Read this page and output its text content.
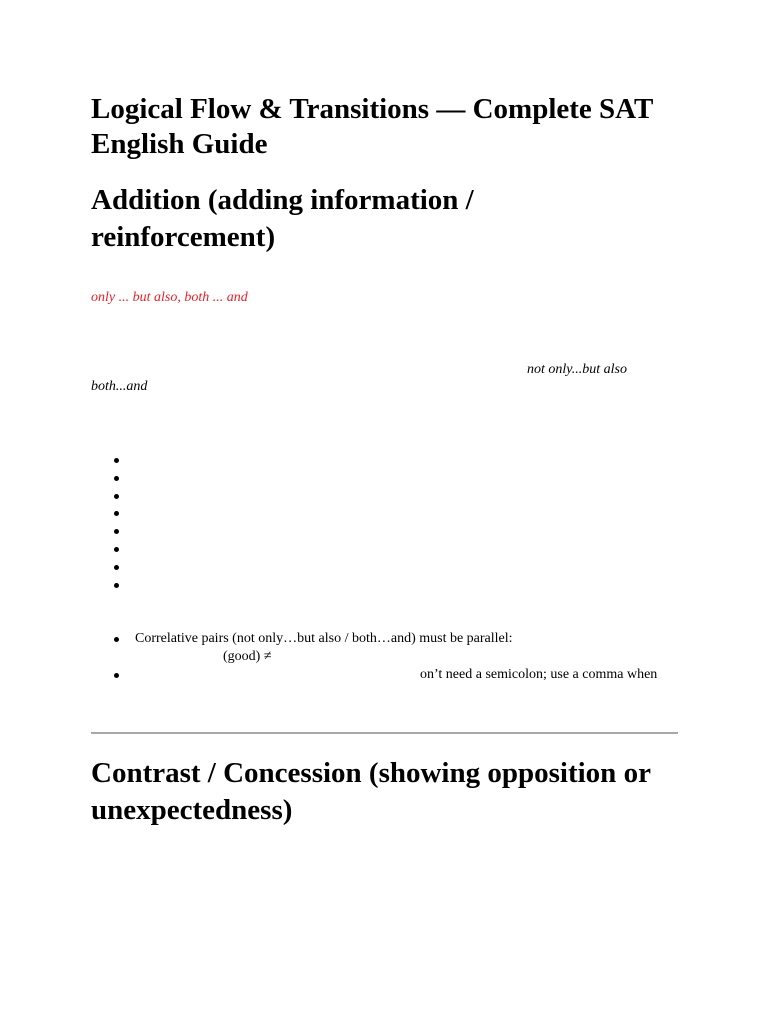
Logical Flow & Transitions — Complete SAT English Guide
Addition (adding information / reinforcement)
only ... but also, both ... and
not only...but also
both...and
Correlative pairs (not only…but also / both…and) must be parallel:
(good) ≠
on’t need a semicolon; use a comma when
Contrast / Concession (showing opposition or unexpectedness)
